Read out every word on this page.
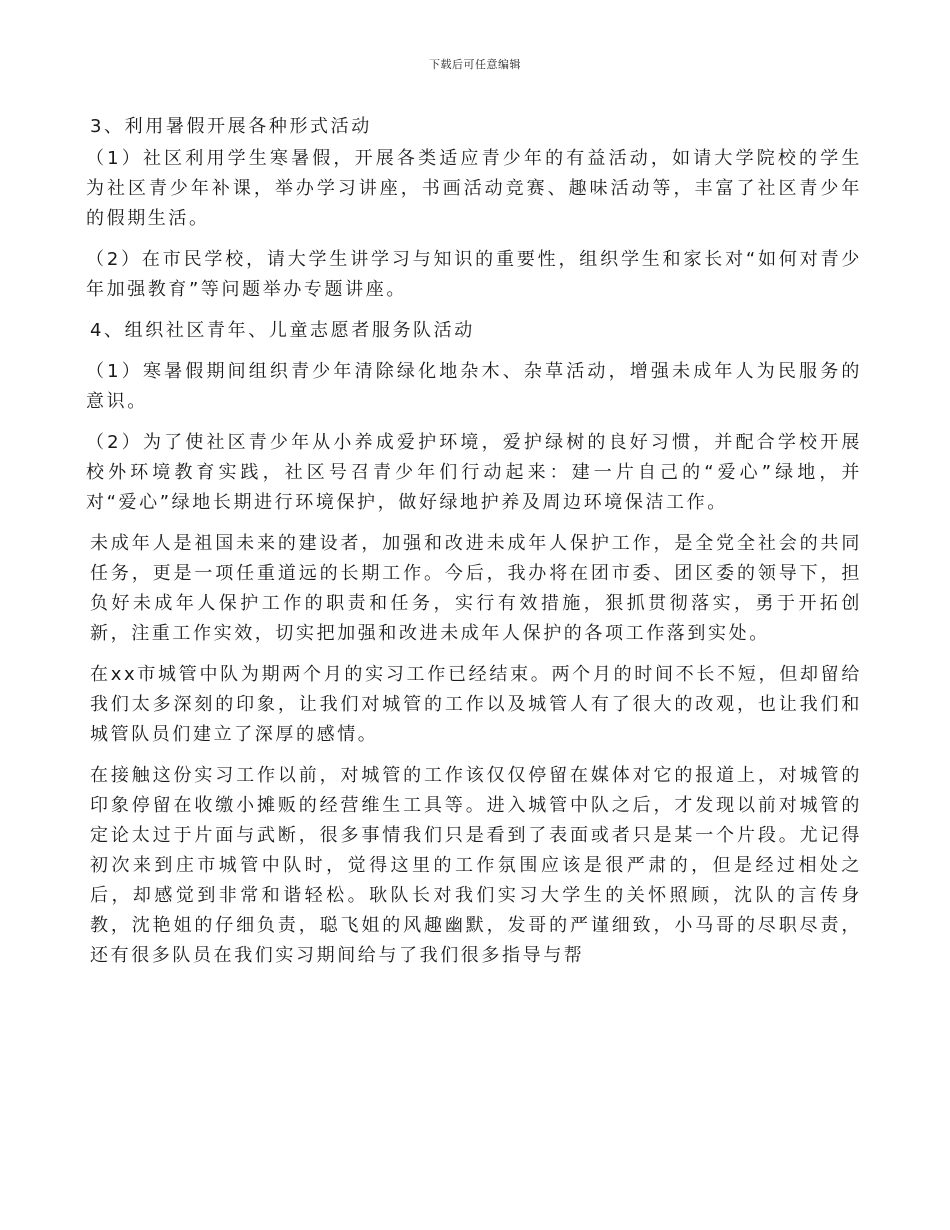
下载后可任意编辑

3、利用暑假开展各种形式活动

（1）社区利用学生寒暑假，开展各类适应青少年的有益活动，如请大学院校的学生为社区青少年补课，举办学习讲座，书画活动竞赛、趣味活动等，丰富了社区青少年的假期生活。

（2）在市民学校，请大学生讲学习与知识的重要性，组织学生和家长对“如何对青少年加强教育”等问题举办专题讲座。

4、组织社区青年、儿童志愿者服务队活动

（1）寒暑假期间组织青少年清除绿化地杂木、杂草活动，增强未成年人为民服务的意识。

（2）为了使社区青少年从小养成爱护环境，爱护绿树的良好习惯，并配合学校开展校外环境教育实践，社区号召青少年们行动起来：建一片自己的“爱心”绿地，并对“爱心”绿地长期进行环境保护，做好绿地护养及周边环境保洁工作。

未成年人是祖国未来的建设者，加强和改进未成年人保护工作，是全党全社会的共同任务，更是一项任重道远的长期工作。今后，我办将在团市委、团区委的领导下，担负好未成年人保护工作的职责和任务，实行有效措施，狠抓贯彻落实，勇于开拓创新，注重工作实效，切实把加强和改进未成年人保护的各项工作落到实处。

在xx市城管中队为期两个月的实习工作已经结束。两个月的时间不长不短，但却留给我们太多深刻的印象，让我们对城管的工作以及城管人有了很大的改观，也让我们和城管队员们建立了深厚的感情。

在接触这份实习工作以前，对城管的工作该仅仅停留在媒体对它的报道上，对城管的印象停留在收缴小摊贩的经营维生工具等。进入城管中队之后，才发现以前对城管的定论太过于片面与武断，很多事情我们只是看到了表面或者只是某一个片段。尤记得初次来到庄市城管中队时，觉得这里的工作氛围应该是很严肃的，但是经过相处之后，却感觉到非常和谐轻松。耿队长对我们实习大学生的关怀照顾，沈队的言传身教，沈艳姐的仔细负责，聪飞姐的风趣幽默，发哥的严谨细致，小马哥的尽职尽责，还有很多队员在我们实习期间给与了我们很多指导与帮
